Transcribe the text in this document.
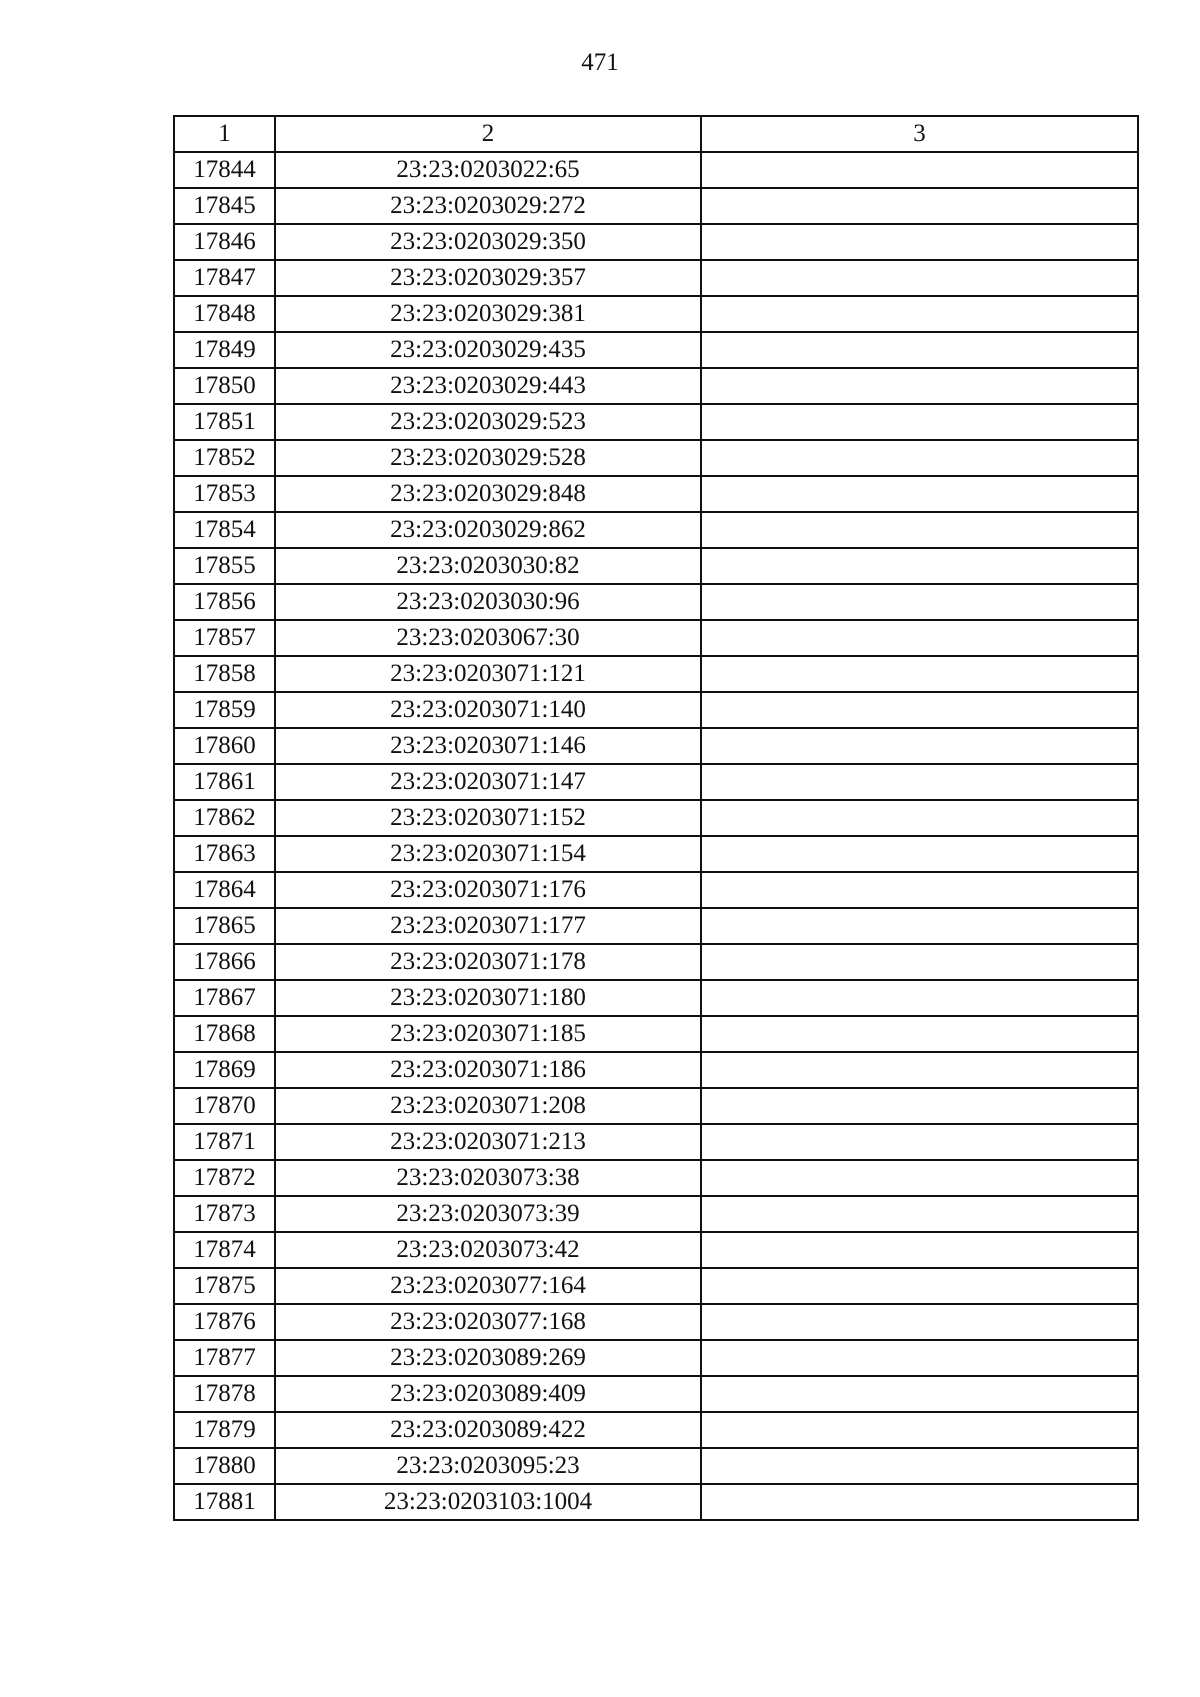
471
1	2	3
17844	23:23:0203022:65	
17845	23:23:0203029:272	
17846	23:23:0203029:350	
17847	23:23:0203029:357	
17848	23:23:0203029:381	
17849	23:23:0203029:435	
17850	23:23:0203029:443	
17851	23:23:0203029:523	
17852	23:23:0203029:528	
17853	23:23:0203029:848	
17854	23:23:0203029:862	
17855	23:23:0203030:82	
17856	23:23:0203030:96	
17857	23:23:0203067:30	
17858	23:23:0203071:121	
17859	23:23:0203071:140	
17860	23:23:0203071:146	
17861	23:23:0203071:147	
17862	23:23:0203071:152	
17863	23:23:0203071:154	
17864	23:23:0203071:176	
17865	23:23:0203071:177	
17866	23:23:0203071:178	
17867	23:23:0203071:180	
17868	23:23:0203071:185	
17869	23:23:0203071:186	
17870	23:23:0203071:208	
17871	23:23:0203071:213	
17872	23:23:0203073:38	
17873	23:23:0203073:39	
17874	23:23:0203073:42	
17875	23:23:0203077:164	
17876	23:23:0203077:168	
17877	23:23:0203089:269	
17878	23:23:0203089:409	
17879	23:23:0203089:422	
17880	23:23:0203095:23	
17881	23:23:0203103:1004	
